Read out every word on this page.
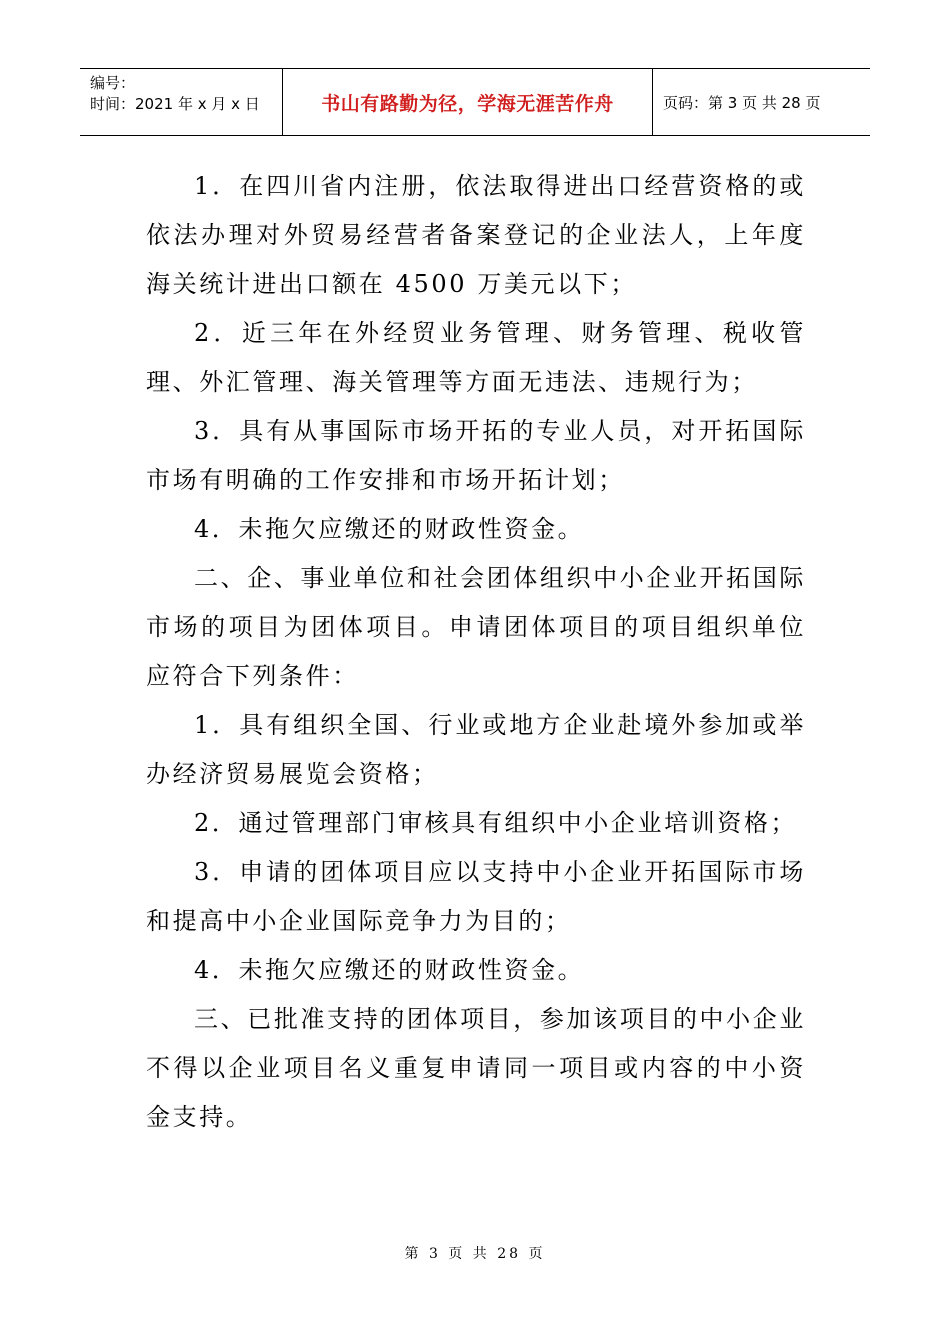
编号：
时间：2021 年 x 月 x 日	书山有路勤为径，学海无涯苦作舟	页码：第 3 页 共 28 页

1．在四川省内注册，依法取得进出口经营资格的或依法办理对外贸易经营者备案登记的企业法人，上年度海关统计进出口额在 4500 万美元以下；

2．近三年在外经贸业务管理、财务管理、税收管理、外汇管理、海关管理等方面无违法、违规行为；

3．具有从事国际市场开拓的专业人员，对开拓国际市场有明确的工作安排和市场开拓计划；

4．未拖欠应缴还的财政性资金。

二、企、事业单位和社会团体组织中小企业开拓国际市场的项目为团体项目。申请团体项目的项目组织单位应符合下列条件：

1．具有组织全国、行业或地方企业赴境外参加或举办经济贸易展览会资格；

2．通过管理部门审核具有组织中小企业培训资格；

3．申请的团体项目应以支持中小企业开拓国际市场和提高中小企业国际竞争力为目的；

4．未拖欠应缴还的财政性资金。

三、已批准支持的团体项目，参加该项目的中小企业不得以企业项目名义重复申请同一项目或内容的中小资金支持。

第 3 页 共 28 页
